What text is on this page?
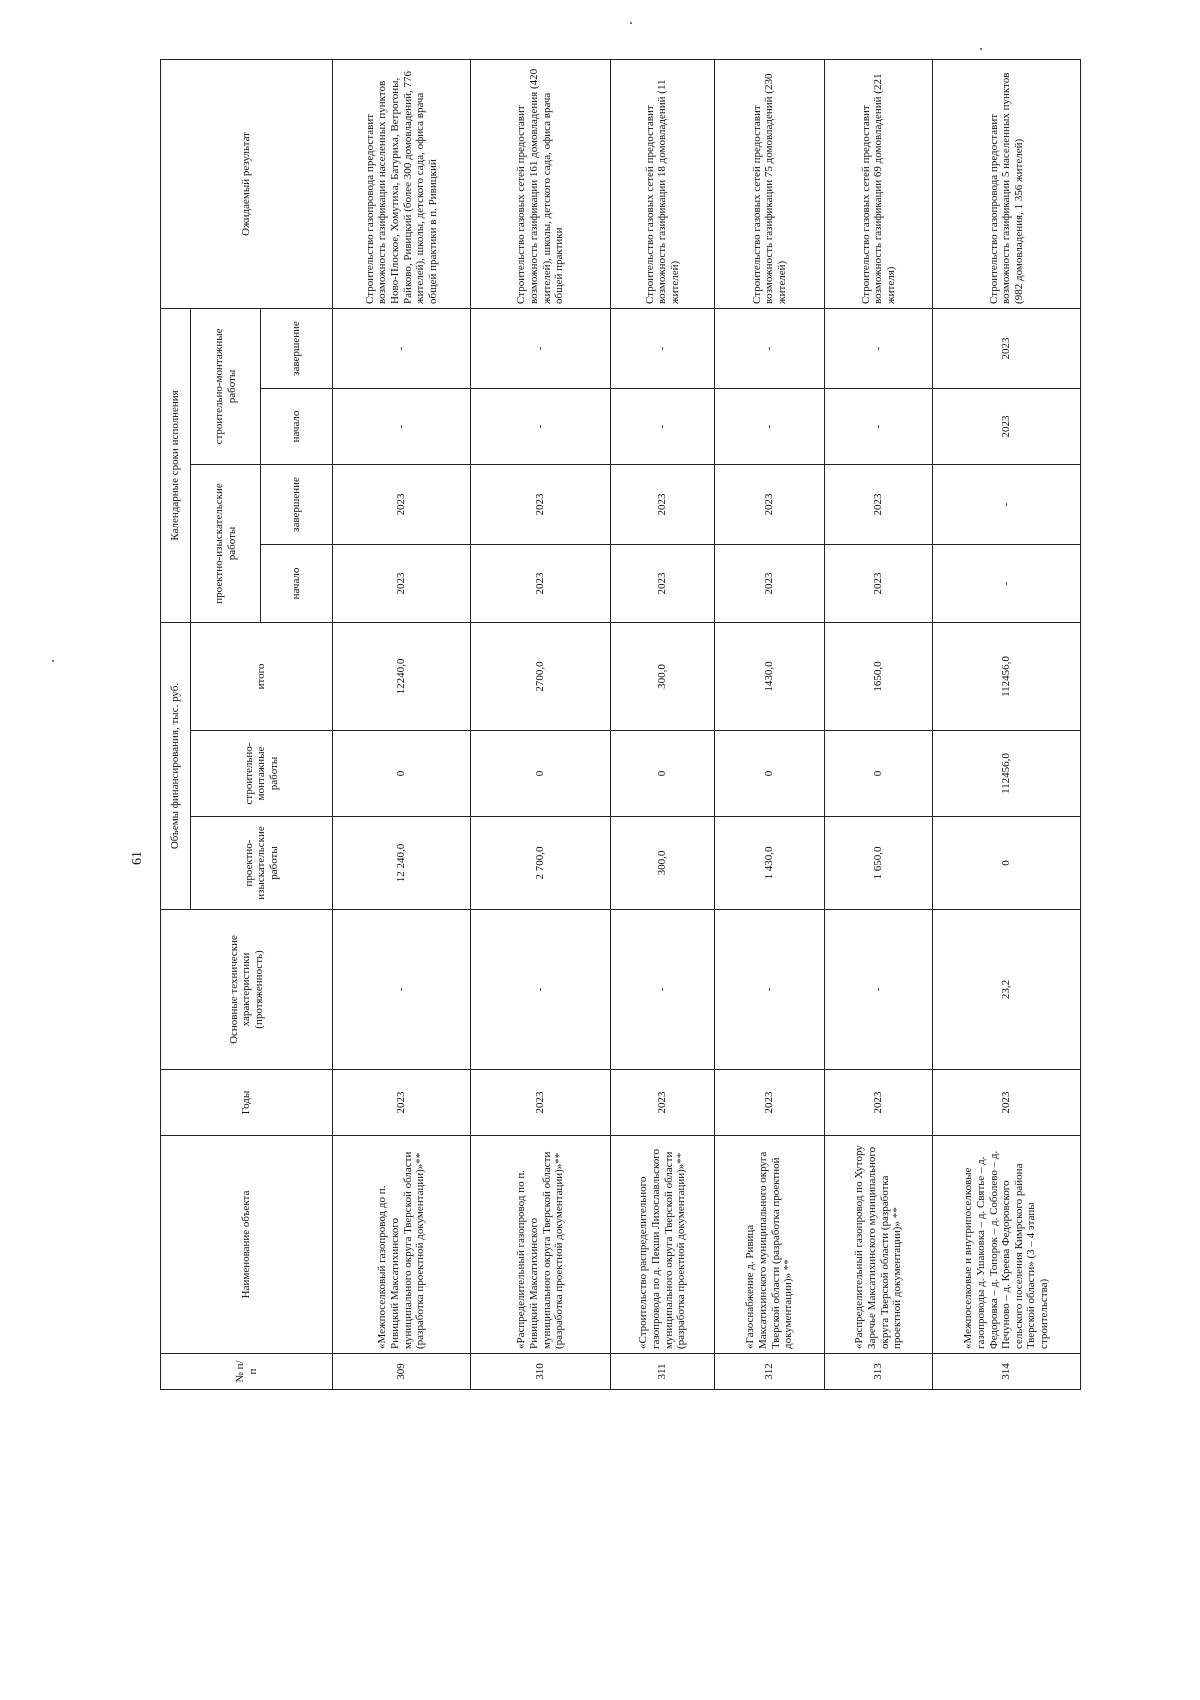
61
№ п/п	Наименование объекта	Годы	Основные технические характеристики (протяженность)	Объемы финансирования, тыс. руб.			Календарные сроки исполнения				Ожидаемый результат
				проектно-изыскательские работы	строительно-монтажные работы	итого	проектно-изыскательские работы		строительно-монтажные работы		
							начало	завершение	начало	завершение	
309	«Межпоселковый газопровод до п. Ривицкий Максатихинского муниципального округа Тверской области (разработка проектной документации)»**	2023	-	12 240,0	0	12240,0	2023	2023	-	-	Строительство газопровода предоставит возможность газификации населенных пунктов Ново-Плоское, Хомутиха, Батуриха, Ветрогоны, Райково, Ривицкий (более 300 домовладений, 776 жителей), школы, детского сада, офиса врача общей практики в п. Ривицкий
310	«Распределительный газопровод по п. Ривицкий Максатихинского муниципального округа Тверской области (разработка проектной документации)»**	2023	-	2 700,0	0	2700,0	2023	2023	-	-	Строительство газовых сетей предоставит возможность газификации 161 домовладения (420 жителей), школы, детского сада, офиса врача общей практики
311	«Строительство распределительного газопровода по д. Пекши Лихославльского муниципального округа Тверской области (разработка проектной документации)»**	2023	-	300,0	0	300,0	2023	2023	-	-	Строительство газовых сетей предоставит возможность газификации 18 домовладений (11 жителей)
312	«Газоснабжение д. Ривица Максатихинского муниципального округа Тверской области (разработка проектной документации)» **	2023	-	1 430,0	0	1430,0	2023	2023	-	-	Строительство газовых сетей предоставит возможность газификации 75 домовладений (230 жителей)
313	«Распределительный газопровод по Хутору Заречье Максатихинского муниципального округа Тверской области (разработка проектной документации)» **	2023	-	1 650,0	0	1650,0	2023	2023	-	-	Строительство газовых сетей предоставит возможность газификации 69 домовладений (221 жителя)
314	«Межпоселковые и внутрипоселковые газопроводы д. Ушаковка – д. Святье – д. Федоровка – д. Топорок – д. Соболево – д. Печуново – д. Креева Федоровского сельского поселения Кимрского района Тверской области» (3 – 4 этапы строительства)	2023	23,2	0	112456,0	112456,0	-	-	2023	2023	Строительство газопровода предоставит возможность газификации 5 населенных пунктов (982 домовладения, 1 356 жителей)
